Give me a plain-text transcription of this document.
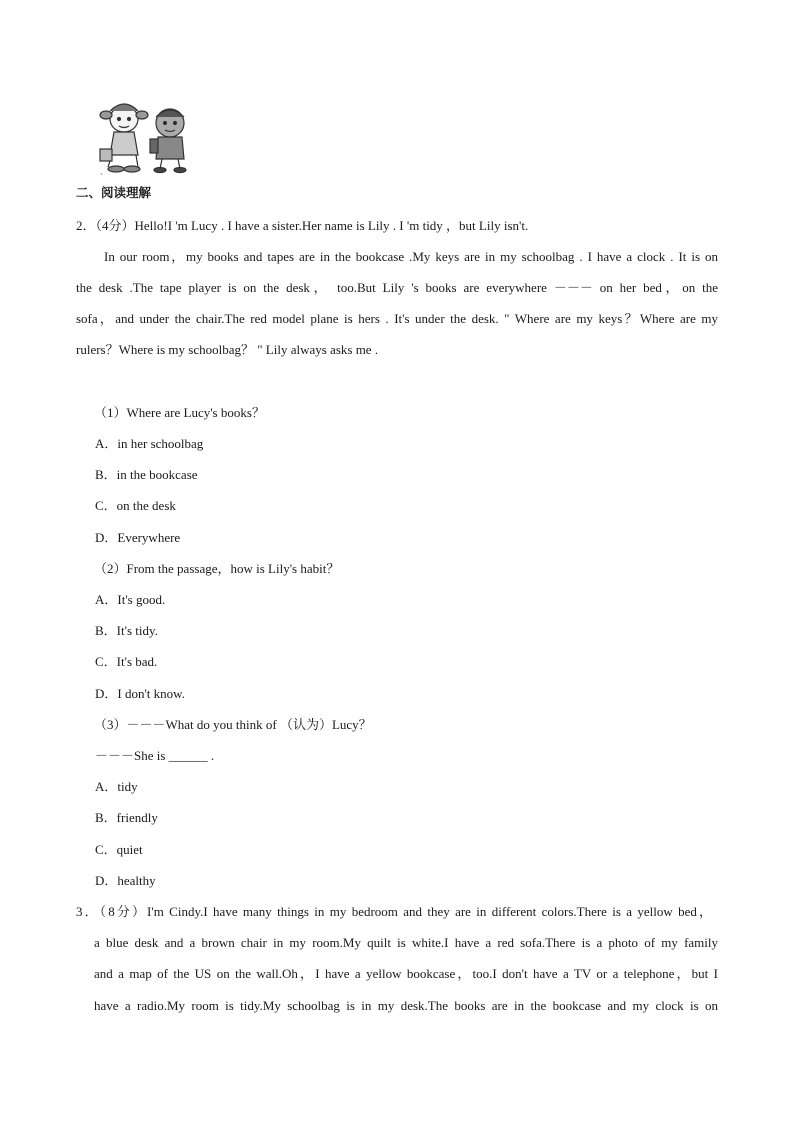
、
二、阅读理解
2．（4分）Hello!I 'm Lucy . I have a sister.Her name is Lily . I 'm tidy ，but Lily isn't.
In our room，my books and tapes are in the bookcase .My keys are in my schoolbag . I have a clock . It is on
the desk .The tape player is on the desk， too.But Lily 's books are everywhere －－－ on her bed，on the
sofa，and under the chair.The red model plane is hers . It's under the desk. " Where are my keys？Where are my
rulers？Where is my schoolbag？ " Lily always asks me .
（1）Where are Lucy's books？
A．in her schoolbag
B．in the bookcase
C．on the desk
D．Everywhere
（2）From the passage，how is Lily's habit？
A．It's good.
B．It's tidy.
C．It's bad.
D．I don't know.
（3）－－－What do you think of （认为）Lucy？
－－－She is ______ .
A．tidy
B．friendly
C．quiet
D．healthy
3．（8分）I'm Cindy.I have many things in my bedroom and they are in different colors.There is a yellow bed，
a blue desk and a brown chair in my room.My quilt is white.I have a red sofa.There is a photo of my family
and a map of the US on the wall.Oh，I have a yellow bookcase，too.I don't have a TV or a telephone，but I
have a radio.My room is tidy.My schoolbag is in my desk.The books are in the bookcase and my clock is on
